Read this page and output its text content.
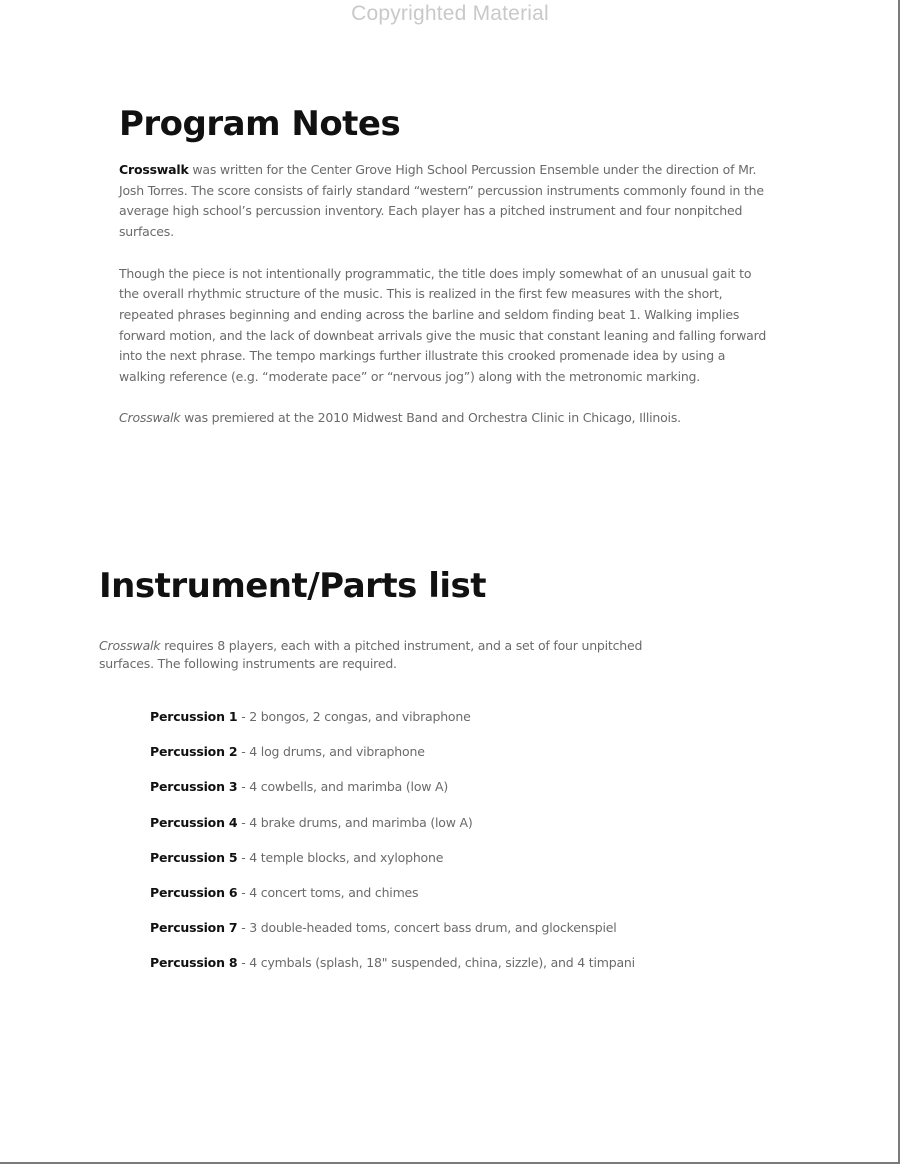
Copyrighted Material
Program Notes

Crosswalk was written for the Center Grove High School Percussion Ensemble under the direction of Mr. Josh Torres. The score consists of fairly standard “western” percussion instruments commonly found in the average high school’s percussion inventory. Each player has a pitched instrument and four nonpitched surfaces.

Though the piece is not intentionally programmatic, the title does imply somewhat of an unusual gait to the overall rhythmic structure of the music. This is realized in the first few measures with the short, repeated phrases beginning and ending across the barline and seldom finding beat 1. Walking implies forward motion, and the lack of downbeat arrivals give the music that constant leaning and falling forward into the next phrase. The tempo markings further illustrate this crooked promenade idea by using a walking reference (e.g. “moderate pace” or “nervous jog”) along with the metronomic marking.

Crosswalk was premiered at the 2010 Midwest Band and Orchestra Clinic in Chicago, Illinois.

Instrument/Parts list

Crosswalk requires 8 players, each with a pitched instrument, and a set of four unpitched surfaces. The following instruments are required.

Percussion 1 - 2 bongos, 2 congas, and vibraphone
Percussion 2 - 4 log drums, and vibraphone
Percussion 3 - 4 cowbells, and marimba (low A)
Percussion 4 - 4 brake drums, and marimba (low A)
Percussion 5 - 4 temple blocks, and xylophone
Percussion 6 - 4 concert toms, and chimes
Percussion 7 - 3 double-headed toms, concert bass drum, and glockenspiel
Percussion 8 - 4 cymbals (splash, 18" suspended, china, sizzle), and 4 timpani
